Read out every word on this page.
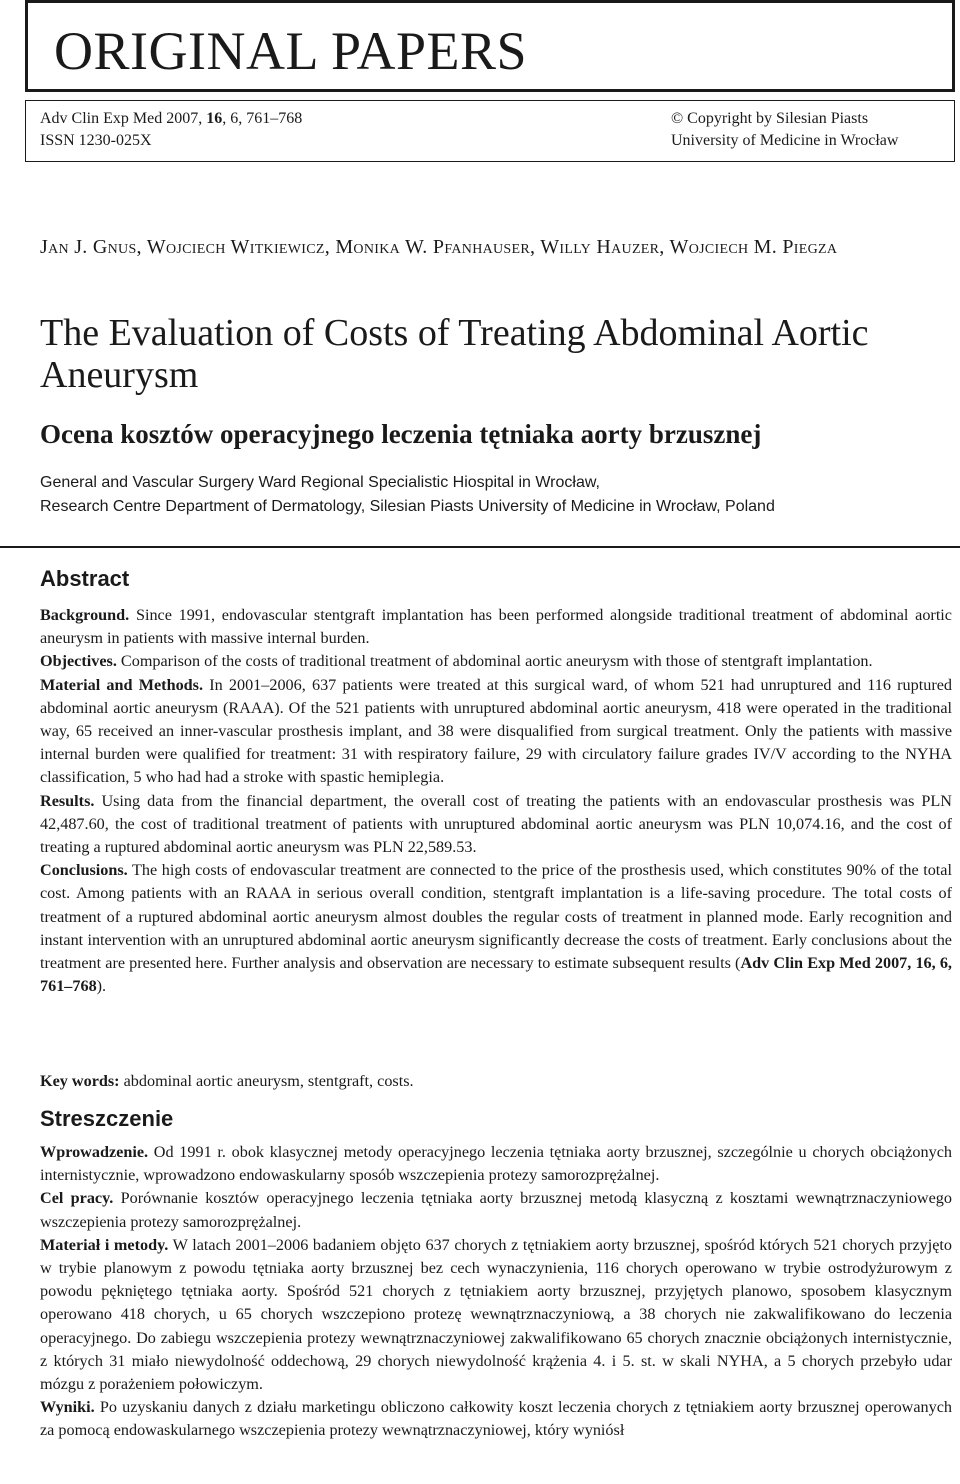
ORIGINAL PAPERS
Adv Clin Exp Med 2007, 16, 6, 761–768
ISSN 1230-025X
© Copyright by Silesian Piasts
University of Medicine in Wrocław
Jan J. Gnus, Wojciech Witkiewicz, Monika W. Pfanhauser, Willy Hauzer, Wojciech M. Piegza
The Evaluation of Costs of Treating Abdominal Aortic Aneurysm
Ocena kosztów operacyjnego leczenia tętniaka aorty brzusznej
General and Vascular Surgery Ward Regional Specialistic Hiospital in Wrocław,
Research Centre Department of Dermatology, Silesian Piasts University of Medicine in Wrocław, Poland
Abstract

Background. Since 1991, endovascular stentgraft implantation has been performed alongside traditional treatment of abdominal aortic aneurysm in patients with massive internal burden.

Objectives. Comparison of the costs of traditional treatment of abdominal aortic aneurysm with those of stentgraft implantation.

Material and Methods. In 2001–2006, 637 patients were treated at this surgical ward, of whom 521 had unruptured and 116 ruptured abdominal aortic aneurysm (RAAA). Of the 521 patients with unruptured abdominal aortic aneurysm, 418 were operated in the traditional way, 65 received an inner-vascular prosthesis implant, and 38 were disqualified from surgical treatment. Only the patients with massive internal burden were qualified for treatment: 31 with respiratory failure, 29 with circulatory failure grades IV/V according to the NYHA classification, 5 who had had a stroke with spastic hemiplegia.

Results. Using data from the financial department, the overall cost of treating the patients with an endovascular prosthesis was PLN 42,487.60, the cost of traditional treatment of patients with unruptured abdominal aortic aneurysm was PLN 10,074.16, and the cost of treating a ruptured abdominal aortic aneurysm was PLN 22,589.53.

Conclusions. The high costs of endovascular treatment are connected to the price of the prosthesis used, which constitutes 90% of the total cost. Among patients with an RAAA in serious overall condition, stentgraft implantation is a life-saving procedure. The total costs of treatment of a ruptured abdominal aortic aneurysm almost doubles the regular costs of treatment in planned mode. Early recognition and instant intervention with an unruptured abdominal aortic aneurysm significantly decrease the costs of treatment. Early conclusions about the treatment are presented here. Further analysis and observation are necessary to estimate subsequent results (Adv Clin Exp Med 2007, 16, 6, 761–768).

Key words: abdominal aortic aneurysm, stentgraft, costs.
Streszczenie

Wprowadzenie. Od 1991 r. obok klasycznej metody operacyjnego leczenia tętniaka aorty brzusznej, szczególnie u chorych obciążonych internistycznie, wprowadzono endowaskularny sposób wszczepienia protezy samorozprężalnej.

Cel pracy. Porównanie kosztów operacyjnego leczenia tętniaka aorty brzusznej metodą klasyczną z kosztami wewnątrznaczyniowego wszczepienia protezy samorozprężalnej.

Materiał i metody. W latach 2001–2006 badaniem objęto 637 chorych z tętniakiem aorty brzusznej, spośród których 521 chorych przyjęto w trybie planowym z powodu tętniaka aorty brzusznej bez cech wynaczynienia, 116 chorych operowano w trybie ostrodyżurowym z powodu pękniętego tętniaka aorty. Spośród 521 chorych z tętniakiem aorty brzusznej, przyjętych planowo, sposobem klasycznym operowano 418 chorych, u 65 chorych wszczepiono protezę wewnątrznaczyniową, a 38 chorych nie zakwalifikowano do leczenia operacyjnego. Do zabiegu wszczepienia protezy wewnątrznaczyniowej zakwalifikowano 65 chorych znacznie obciążonych internistycznie, z których 31 miało niewydolność oddechową, 29 chorych niewydolność krążenia 4. i 5. st. w skali NYHA, a 5 chorych przebyło udar mózgu z porażeniem połowiczym.

Wyniki. Po uzyskaniu danych z działu marketingu obliczono całkowity koszt leczenia chorych z tętniakiem aorty brzusznej operowanych za pomocą endowaskularnego wszczepienia protezy wewnątrznaczyniowej, który wyniósł
